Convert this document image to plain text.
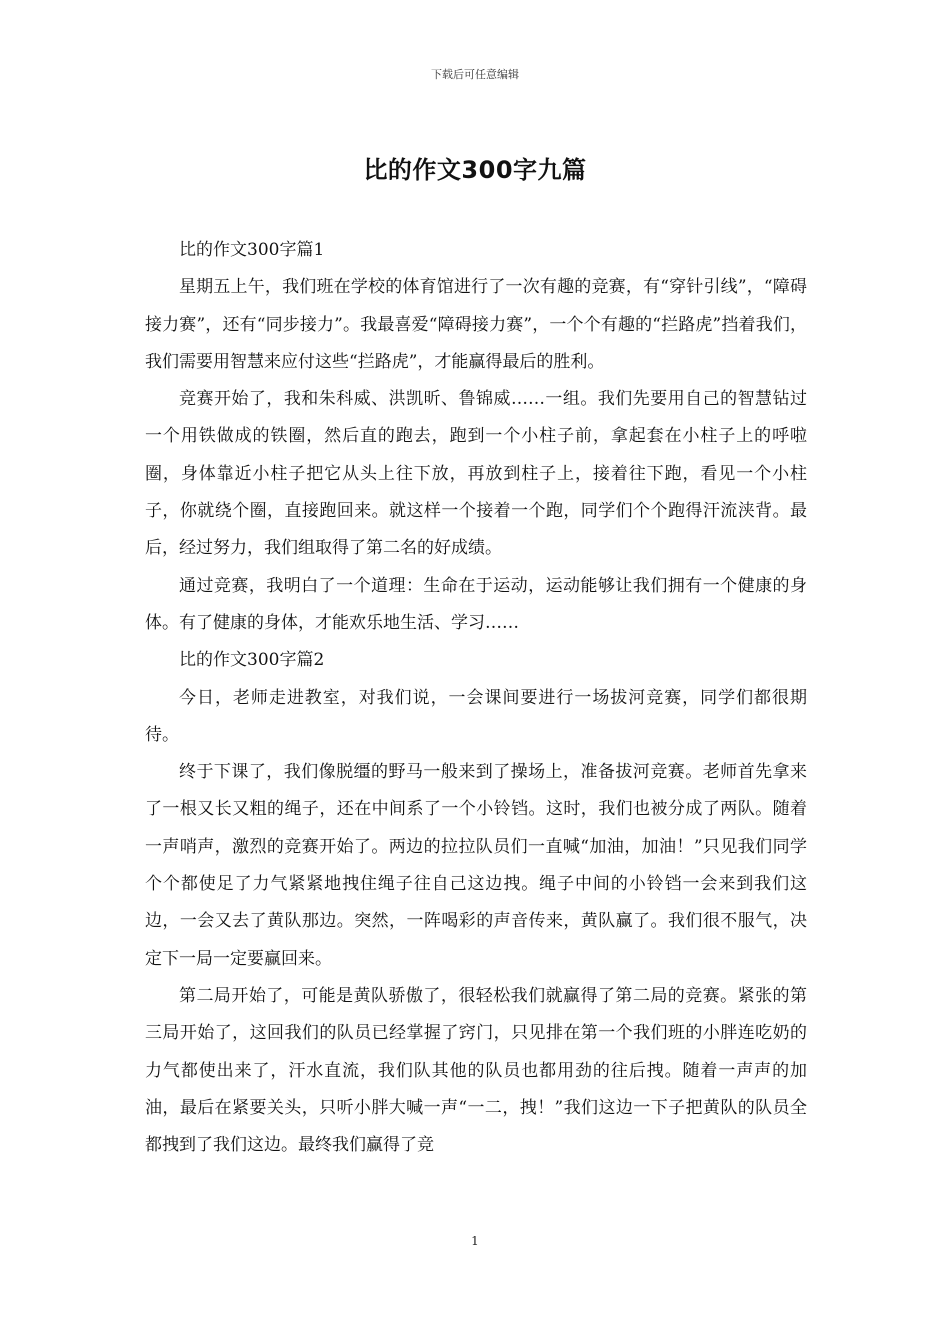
下载后可任意编辑
比的作文300字九篇

比的作文300字篇1

星期五上午，我们班在学校的体育馆进行了一次有趣的竞赛，有“穿针引线”，“障碍接力赛”，还有“同步接力”。我最喜爱“障碍接力赛”，一个个有趣的“拦路虎”挡着我们，我们需要用智慧来应付这些“拦路虎”，才能赢得最后的胜利。

竞赛开始了，我和朱科威、洪凯昕、鲁锦威……一组。我们先要用自己的智慧钻过一个用铁做成的铁圈，然后直的跑去，跑到一个小柱子前，拿起套在小柱子上的呼啦圈，身体靠近小柱子把它从头上往下放，再放到柱子上，接着往下跑，看见一个小柱子，你就绕个圈，直接跑回来。就这样一个接着一个跑，同学们个个跑得汗流浃背。最后，经过努力，我们组取得了第二名的好成绩。

通过竞赛，我明白了一个道理：生命在于运动，运动能够让我们拥有一个健康的身体。有了健康的身体，才能欢乐地生活、学习……

比的作文300字篇2

今日，老师走进教室，对我们说，一会课间要进行一场拔河竞赛，同学们都很期待。

终于下课了，我们像脱缰的野马一般来到了操场上，准备拔河竞赛。老师首先拿来了一根又长又粗的绳子，还在中间系了一个小铃铛。这时，我们也被分成了两队。随着一声哨声，激烈的竞赛开始了。两边的拉拉队员们一直喊“加油，加油！”只见我们同学个个都使足了力气紧紧地拽住绳子往自己这边拽。绳子中间的小铃铛一会来到我们这边，一会又去了黄队那边。突然，一阵喝彩的声音传来，黄队赢了。我们很不服气，决定下一局一定要赢回来。

第二局开始了，可能是黄队骄傲了，很轻松我们就赢得了第二局的竞赛。紧张的第三局开始了，这回我们的队员已经掌握了窍门，只见排在第一个我们班的小胖连吃奶的力气都使出来了，汗水直流，我们队其他的队员也都用劲的往后拽。随着一声声的加油，最后在紧要关头，只听小胖大喊一声“一二，拽！”我们这边一下子把黄队的队员全都拽到了我们这边。最终我们赢得了竞

1
